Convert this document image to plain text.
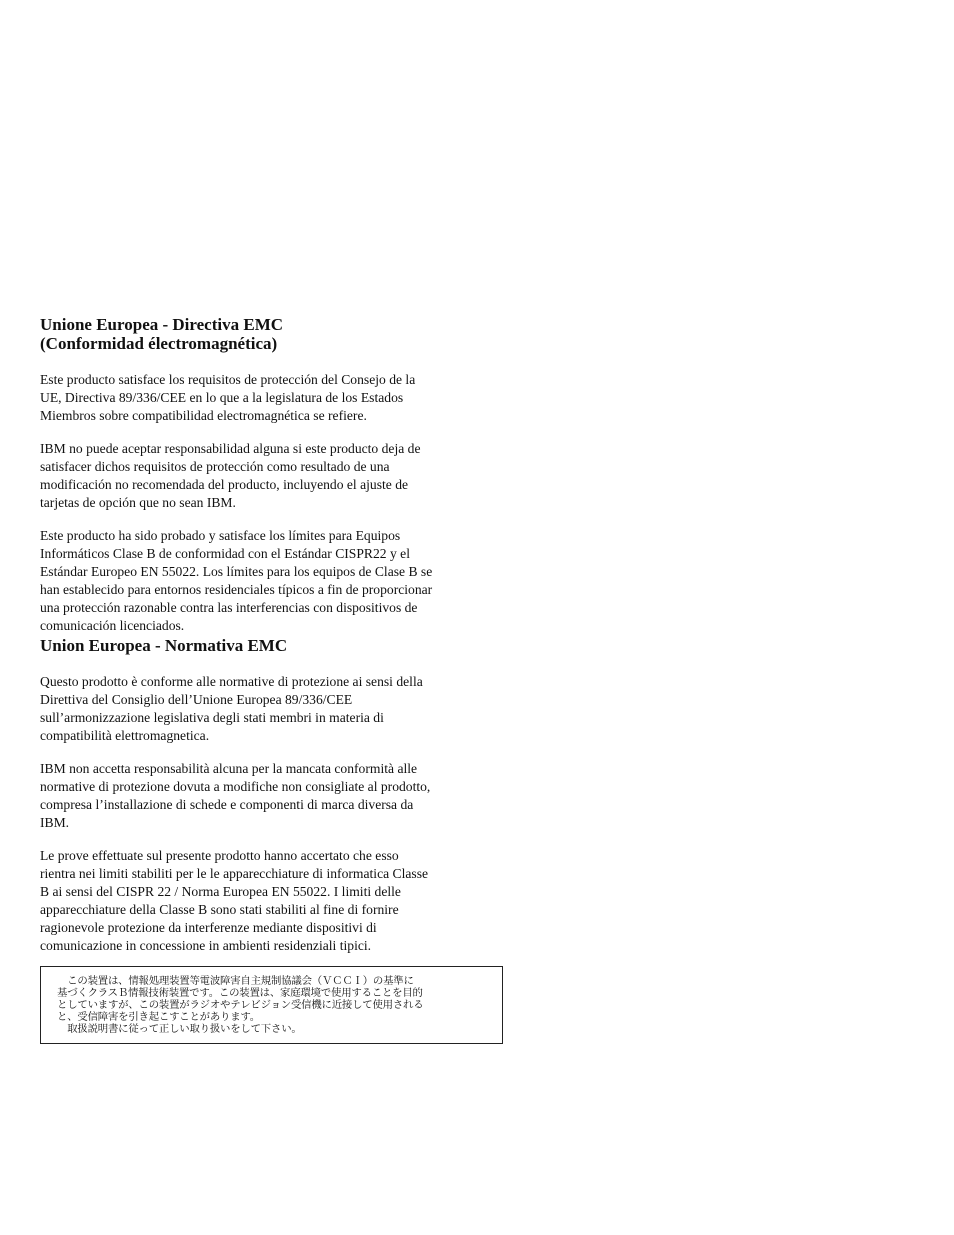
Unione Europea - Directiva EMC
(Conformidad électromagnética)

Este producto satisface los requisitos de protección del Consejo de la
UE, Directiva 89/336/CEE en lo que a la legislatura de los Estados
Miembros sobre compatibilidad electromagnética se refiere.

IBM no puede aceptar responsabilidad alguna si este producto deja de
satisfacer dichos requisitos de protección como resultado de una
modificación no recomendada del producto, incluyendo el ajuste de
tarjetas de opción que no sean IBM.

Este producto ha sido probado y satisface los límites para Equipos
Informáticos Clase B de conformidad con el Estándar CISPR22 y el
Estándar Europeo EN 55022. Los límites para los equipos de Clase B se
han establecido para entornos residenciales típicos a fin de proporcionar
una protección razonable contra las interferencias con dispositivos de
comunicación licenciados.

Union Europea - Normativa EMC

Questo prodotto è conforme alle normative di protezione ai sensi della
Direttiva del Consiglio dell’Unione Europea 89/336/CEE
sull’armonizzazione legislativa degli stati membri in materia di
compatibilità elettromagnetica.

IBM non accetta responsabilità alcuna per la mancata conformità alle
normative di protezione dovuta a modifiche non consigliate al prodotto,
compresa l’installazione di schede e componenti di marca diversa da
IBM.

Le prove effettuate sul presente prodotto hanno accertato che esso
rientra nei limiti stabiliti per le le apparecchiature di informatica Classe
B ai sensi del CISPR 22 / Norma Europea EN 55022. I limiti delle
apparecchiature della Classe B sono stati stabiliti al fine di fornire
ragionevole protezione da interferenze mediante dispositivi di
comunicazione in concessione in ambienti residenziali tipici.

　この装置は、情報処理装置等電波障害自主規制協議会（ＶＣＣＩ）の基準に
基づくクラスＢ情報技術装置です。この装置は、家庭環境で使用することを目的
としていますが、この装置がラジオやテレビジョン受信機に近接して使用される
と、受信障害を引き起こすことがあります。
　取扱説明書に従って正しい取り扱いをして下さい。
